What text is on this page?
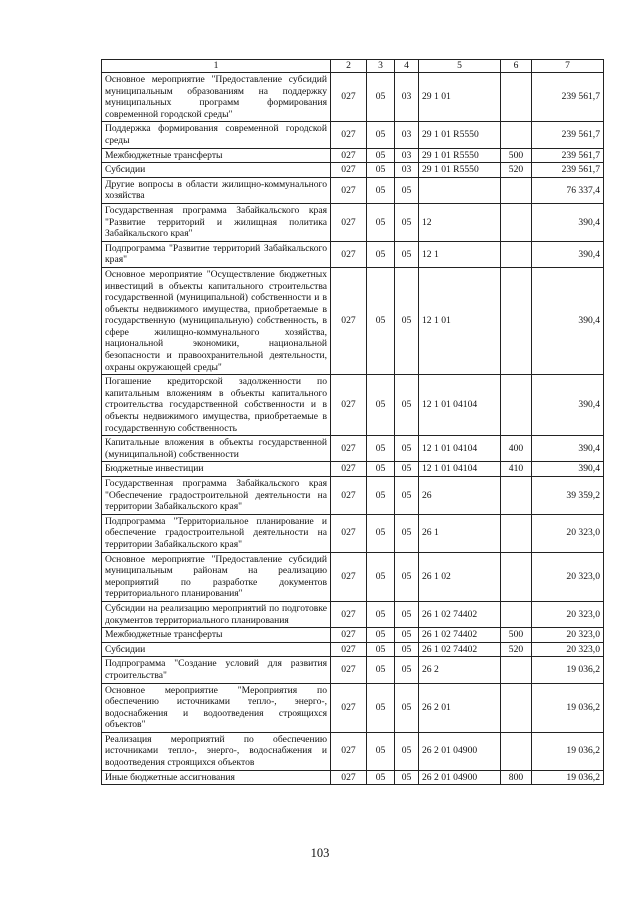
1	2	3	4	5	6	7
Основное мероприятие "Предоставление субсидий муниципальным образованиям на поддержку муниципальных программ формирования современной городской среды"	027	05	03	29 1 01		239 561,7
Поддержка формирования современной городской среды	027	05	03	29 1 01 R5550		239 561,7
Межбюджетные трансферты	027	05	03	29 1 01 R5550	500	239 561,7
Субсидии	027	05	03	29 1 01 R5550	520	239 561,7
Другие вопросы в области жилищно-коммунального хозяйства	027	05	05			76 337,4
Государственная программа Забайкальского края "Развитие территорий и жилищная политика Забайкальского края"	027	05	05	12		390,4
Подпрограмма "Развитие территорий Забайкальского края"	027	05	05	12 1		390,4
Основное мероприятие "Осуществление бюджетных инвестиций в объекты капитального строительства государственной (муниципальной) собственности и в объекты недвижимого имущества, приобретаемые в государственную (муниципальную) собственность, в сфере жилищно-коммунального хозяйства, национальной экономики, национальной безопасности и правоохранительной деятельности, охраны окружающей среды"	027	05	05	12 1 01		390,4
Погашение кредиторской задолженности по капитальным вложениям в объекты капитального строительства государственной собственности и в объекты недвижимого имущества, приобретаемые в государственную собственность	027	05	05	12 1 01 04104		390,4
Капитальные вложения в объекты государственной (муниципальной) собственности	027	05	05	12 1 01 04104	400	390,4
Бюджетные инвестиции	027	05	05	12 1 01 04104	410	390,4
Государственная программа Забайкальского края "Обеспечение градостроительной деятельности на территории Забайкальского края"	027	05	05	26		39 359,2
Подпрограмма "Территориальное планирование и обеспечение градостроительной деятельности на территории Забайкальского края"	027	05	05	26 1		20 323,0
Основное мероприятие "Предоставление субсидий муниципальным районам на реализацию мероприятий по разработке документов территориального планирования"	027	05	05	26 1 02		20 323,0
Субсидии на реализацию мероприятий по подготовке документов территориального планирования	027	05	05	26 1 02 74402		20 323,0
Межбюджетные трансферты	027	05	05	26 1 02 74402	500	20 323,0
Субсидии	027	05	05	26 1 02 74402	520	20 323,0
Подпрограмма "Создание условий для развития строительства"	027	05	05	26 2		19 036,2
Основное мероприятие "Мероприятия по обеспечению источниками тепло-, энерго-, водоснабжения и водоотведения строящихся объектов"	027	05	05	26 2 01		19 036,2
Реализация мероприятий по обеспечению источниками тепло-, энерго-, водоснабжения и водоотведения строящихся объектов	027	05	05	26 2 01 04900		19 036,2
Иные бюджетные ассигнования	027	05	05	26 2 01 04900	800	19 036,2
103
